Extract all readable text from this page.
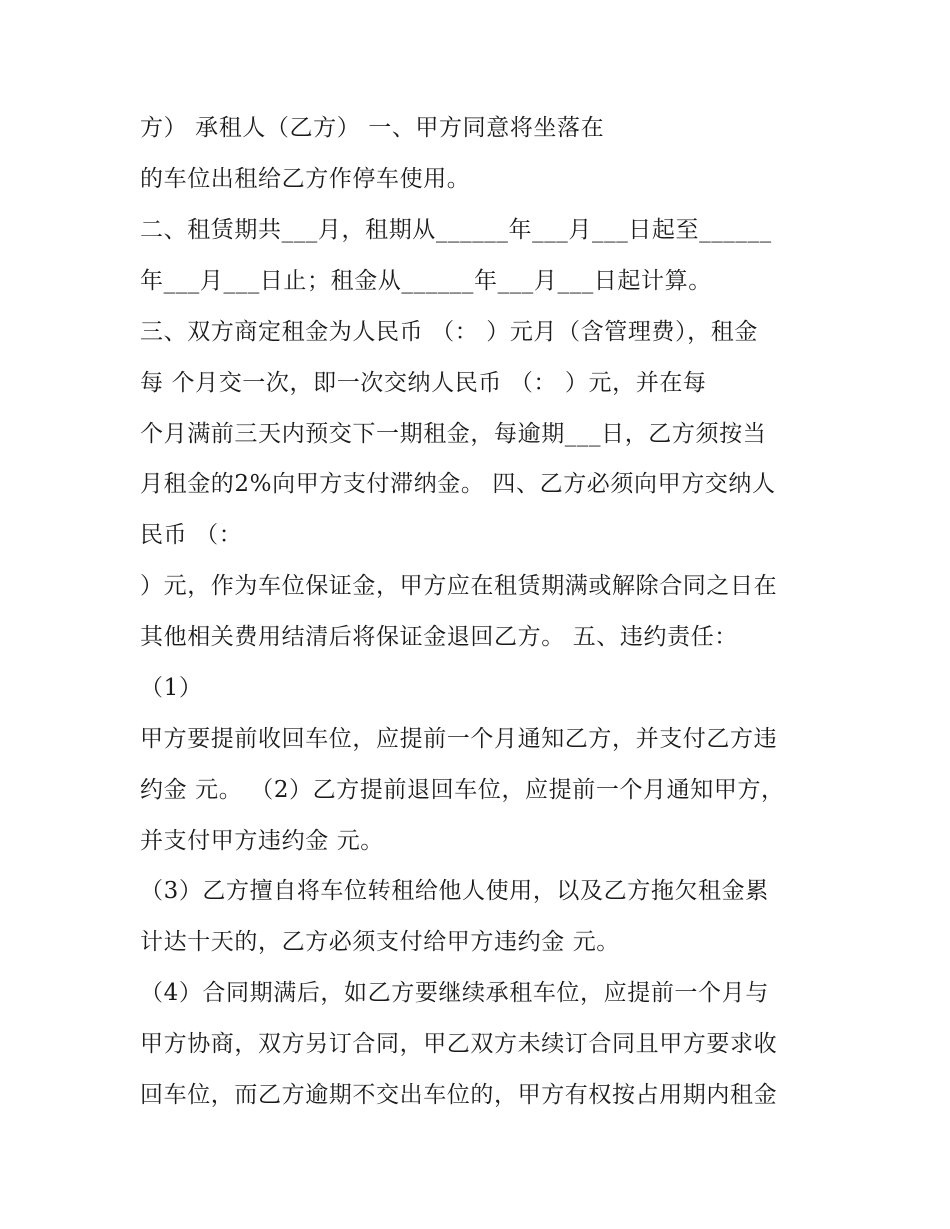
方） 承租人（乙方） 一、甲方同意将坐落在
的车位出租给乙方作停车使用。
二、租赁期共___月，租期从______年___月___日起至______
年___月___日止；租金从______年___月___日起计算。
三、双方商定租金为人民币 （： ）元月（含管理费），租金
每 个月交一次，即一次交纳人民币 （： ）元，并在每
个月满前三天内预交下一期租金，每逾期___日，乙方须按当
月租金的2%向甲方支付滞纳金。 四、乙方必须向甲方交纳人
民币 （：
）元，作为车位保证金，甲方应在租赁期满或解除合同之日在
其他相关费用结清后将保证金退回乙方。 五、违约责任：
（1）
甲方要提前收回车位，应提前一个月通知乙方，并支付乙方违
约金 元。 （2）乙方提前退回车位，应提前一个月通知甲方，
并支付甲方违约金 元。
（3）乙方擅自将车位转租给他人使用，以及乙方拖欠租金累
计达十天的，乙方必须支付给甲方违约金 元。
（4）合同期满后，如乙方要继续承租车位，应提前一个月与
甲方协商，双方另订合同，甲乙双方未续订合同且甲方要求收
回车位，而乙方逾期不交出车位的，甲方有权按占用期内租金
